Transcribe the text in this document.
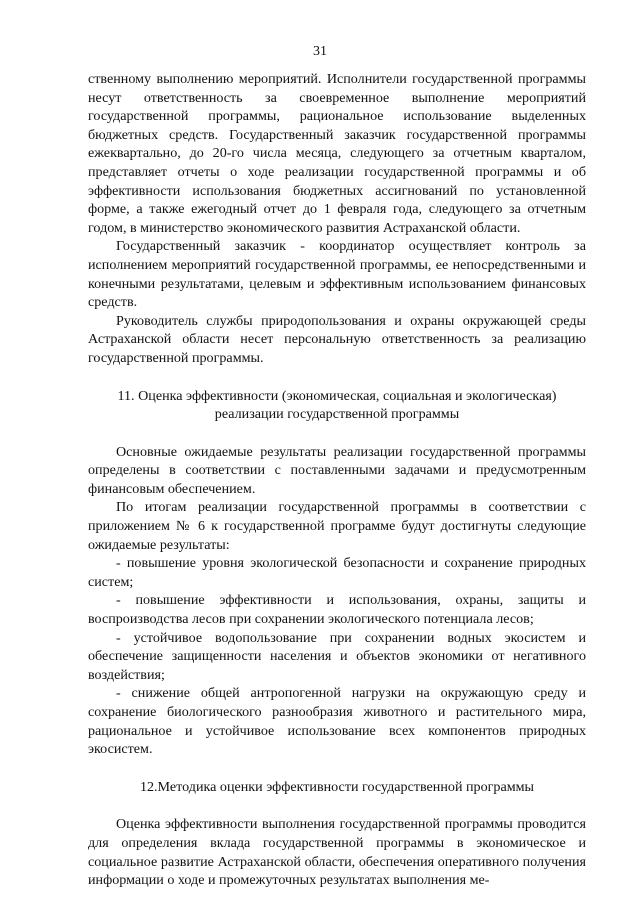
31

ственному выполнению мероприятий. Исполнители государственной программы несут ответственность за своевременное выполнение мероприятий государственной программы, рациональное использование выделенных бюджетных средств. Государственный заказчик государственной программы ежеквартально, до 20-го числа месяца, следующего за отчетным кварталом, представляет отчеты о ходе реализации государственной программы и об эффективности использования бюджетных ассигнований по установленной форме, а также ежегодный отчет до 1 февраля года, следующего за отчетным годом, в министерство экономического развития Астраханской области.

Государственный заказчик - координатор осуществляет контроль за исполнением мероприятий государственной программы, ее непосредственными и конечными результатами, целевым и эффективным использованием финансовых средств.

Руководитель службы природопользования и охраны окружающей среды Астраханской области несет персональную ответственность за реализацию государственной программы.

11. Оценка эффективности (экономическая, социальная и экологическая)

реализации государственной программы

Основные ожидаемые результаты реализации государственной программы определены в соответствии с поставленными задачами и предусмотренным финансовым обеспечением.

По итогам реализации государственной программы в соответствии с приложением № 6 к государственной программе будут достигнуты следующие ожидаемые результаты:

- повышение уровня экологической безопасности и сохранение природных систем;

- повышение эффективности и использования, охраны, защиты и воспроизводства лесов при сохранении экологического потенциала лесов;

- устойчивое водопользование при сохранении водных экосистем и обеспечение защищенности населения и объектов экономики от негативного воздействия;

- снижение общей антропогенной нагрузки на окружающую среду и сохранение биологического разнообразия животного и растительного мира, рациональное и устойчивое использование всех компонентов природных экосистем.

12.Методика оценки эффективности государственной программы

Оценка эффективности выполнения государственной программы проводится для определения вклада государственной программы в экономическое и социальное развитие Астраханской области, обеспечения оперативного получения информации о ходе и промежуточных результатах выполнения ме-
